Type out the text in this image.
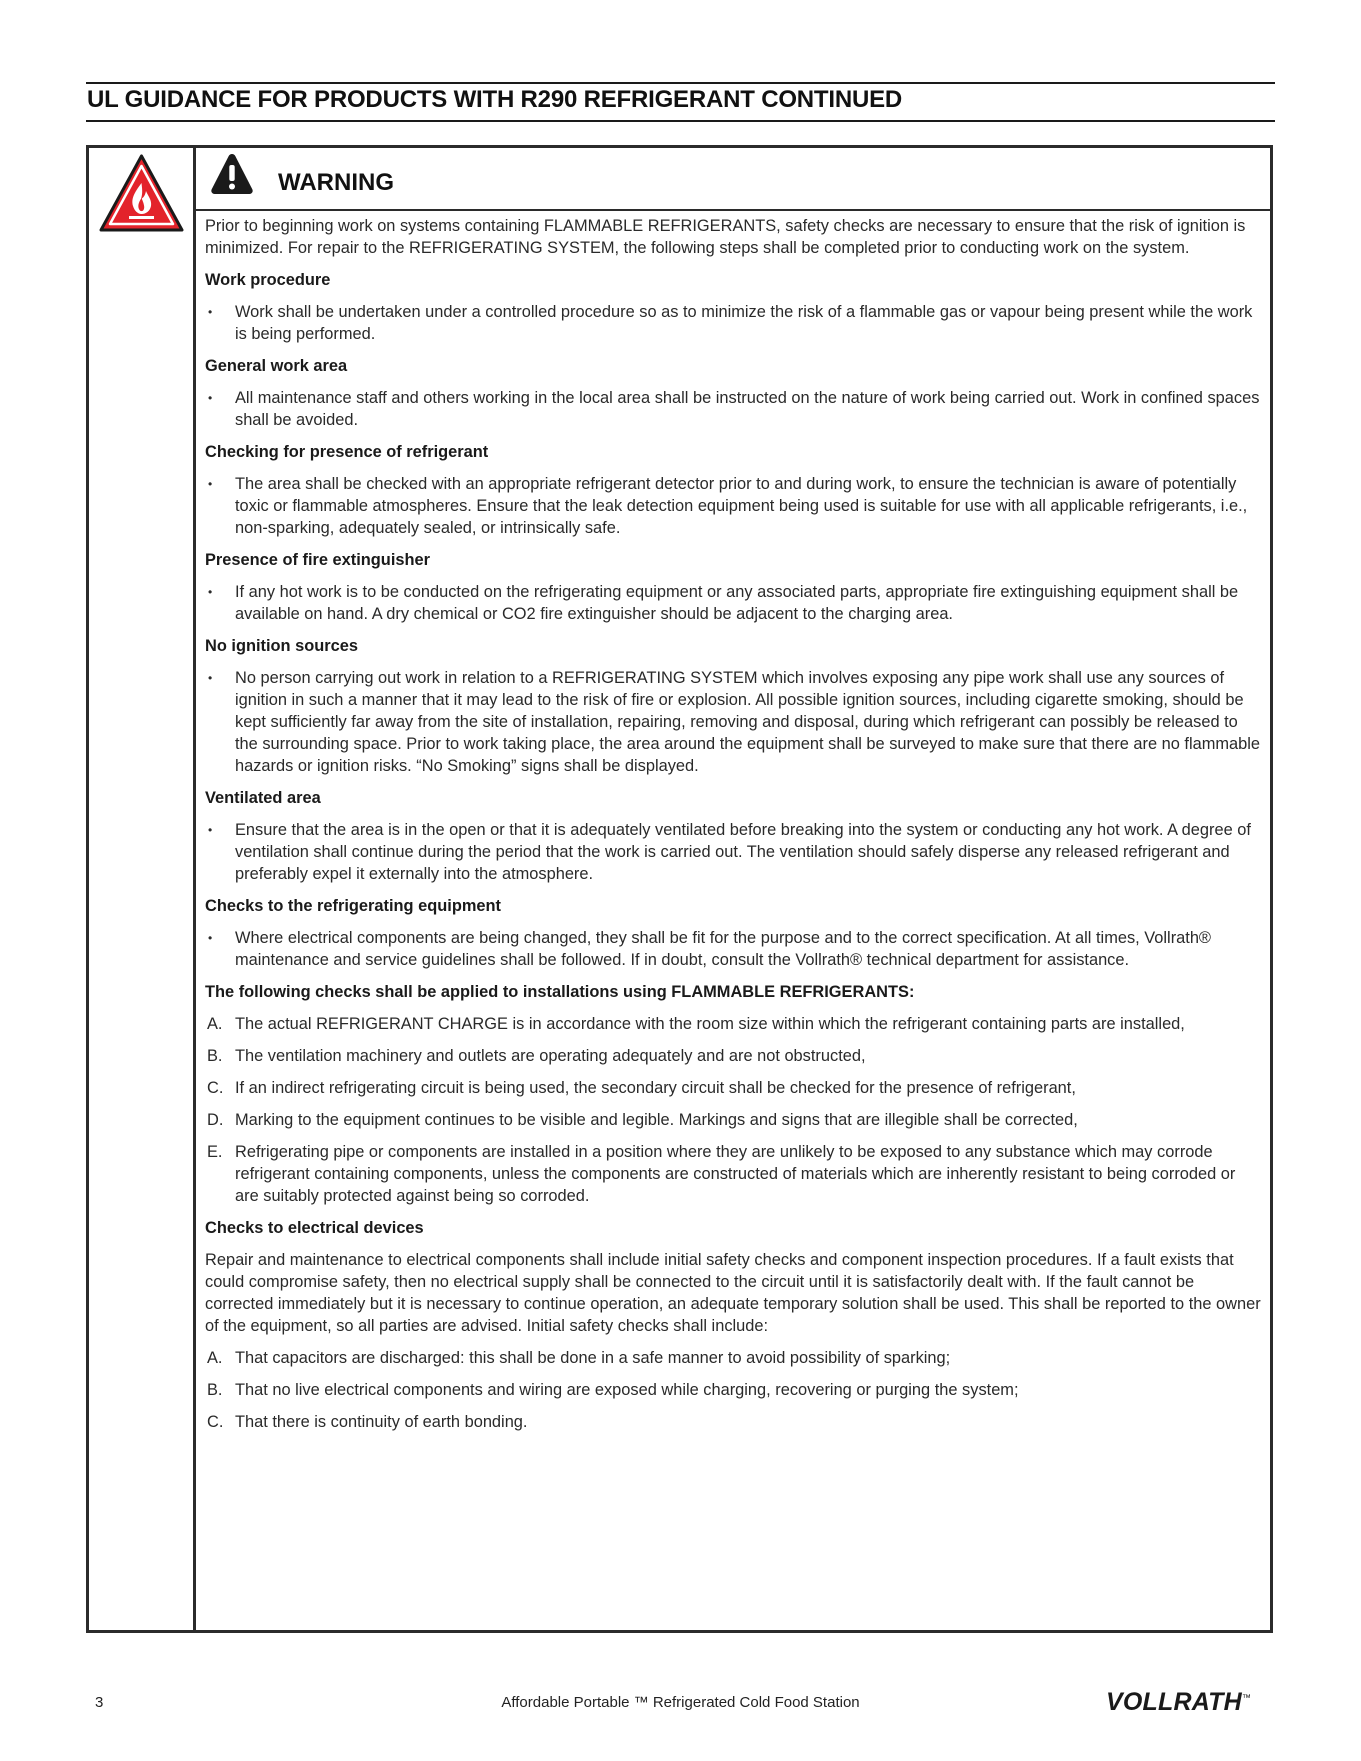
UL GUIDANCE FOR PRODUCTS WITH R290 REFRIGERANT CONTINUED
WARNING

Prior to beginning work on systems containing FLAMMABLE REFRIGERANTS, safety checks are necessary to ensure that the risk of ignition is minimized. For repair to the REFRIGERATING SYSTEM, the following steps shall be completed prior to conducting work on the system.

Work procedure
• Work shall be undertaken under a controlled procedure so as to minimize the risk of a flammable gas or vapour being present while the work is being performed.
General work area
• All maintenance staff and others working in the local area shall be instructed on the nature of work being carried out. Work in confined spaces shall be avoided.
Checking for presence of refrigerant
• The area shall be checked with an appropriate refrigerant detector prior to and during work, to ensure the technician is aware of potentially toxic or flammable atmospheres. Ensure that the leak detection equipment being used is suitable for use with all applicable refrigerants, i.e., non-sparking, adequately sealed, or intrinsically safe.
Presence of fire extinguisher
• If any hot work is to be conducted on the refrigerating equipment or any associated parts, appropriate fire extinguishing equipment shall be available on hand. A dry chemical or CO2 fire extinguisher should be adjacent to the charging area.
No ignition sources
• No person carrying out work in relation to a REFRIGERATING SYSTEM which involves exposing any pipe work shall use any sources of ignition in such a manner that it may lead to the risk of fire or explosion. All possible ignition sources, including cigarette smoking, should be kept sufficiently far away from the site of installation, repairing, removing and disposal, during which refrigerant can possibly be released to the surrounding space. Prior to work taking place, the area around the equipment shall be surveyed to make sure that there are no flammable hazards or ignition risks. “No Smoking” signs shall be displayed.
Ventilated area
• Ensure that the area is in the open or that it is adequately ventilated before breaking into the system or conducting any hot work. A degree of ventilation shall continue during the period that the work is carried out. The ventilation should safely disperse any released refrigerant and preferably expel it externally into the atmosphere.
Checks to the refrigerating equipment
• Where electrical components are being changed, they shall be fit for the purpose and to the correct specification. At all times, Vollrath® maintenance and service guidelines shall be followed. If in doubt, consult the Vollrath® technical department for assistance.
The following checks shall be applied to installations using FLAMMABLE REFRIGERANTS:
A. The actual REFRIGERANT CHARGE is in accordance with the room size within which the refrigerant containing parts are installed,
B. The ventilation machinery and outlets are operating adequately and are not obstructed,
C. If an indirect refrigerating circuit is being used, the secondary circuit shall be checked for the presence of refrigerant,
D. Marking to the equipment continues to be visible and legible. Markings and signs that are illegible shall be corrected,
E. Refrigerating pipe or components are installed in a position where they are unlikely to be exposed to any substance which may corrode refrigerant containing components, unless the components are constructed of materials which are inherently resistant to being corroded or are suitably protected against being so corroded.
Checks to electrical devices

Repair and maintenance to electrical components shall include initial safety checks and component inspection procedures. If a fault exists that could compromise safety, then no electrical supply shall be connected to the circuit until it is satisfactorily dealt with. If the fault cannot be corrected immediately but it is necessary to continue operation, an adequate temporary solution shall be used. This shall be reported to the owner of the equipment, so all parties are advised. Initial safety checks shall include:

A. That capacitors are discharged: this shall be done in a safe manner to avoid possibility of sparking;
B. That no live electrical components and wiring are exposed while charging, recovering or purging the system;
C. That there is continuity of earth bonding.
3	Affordable Portable ™ Refrigerated Cold Food Station	VOLLRATH™
